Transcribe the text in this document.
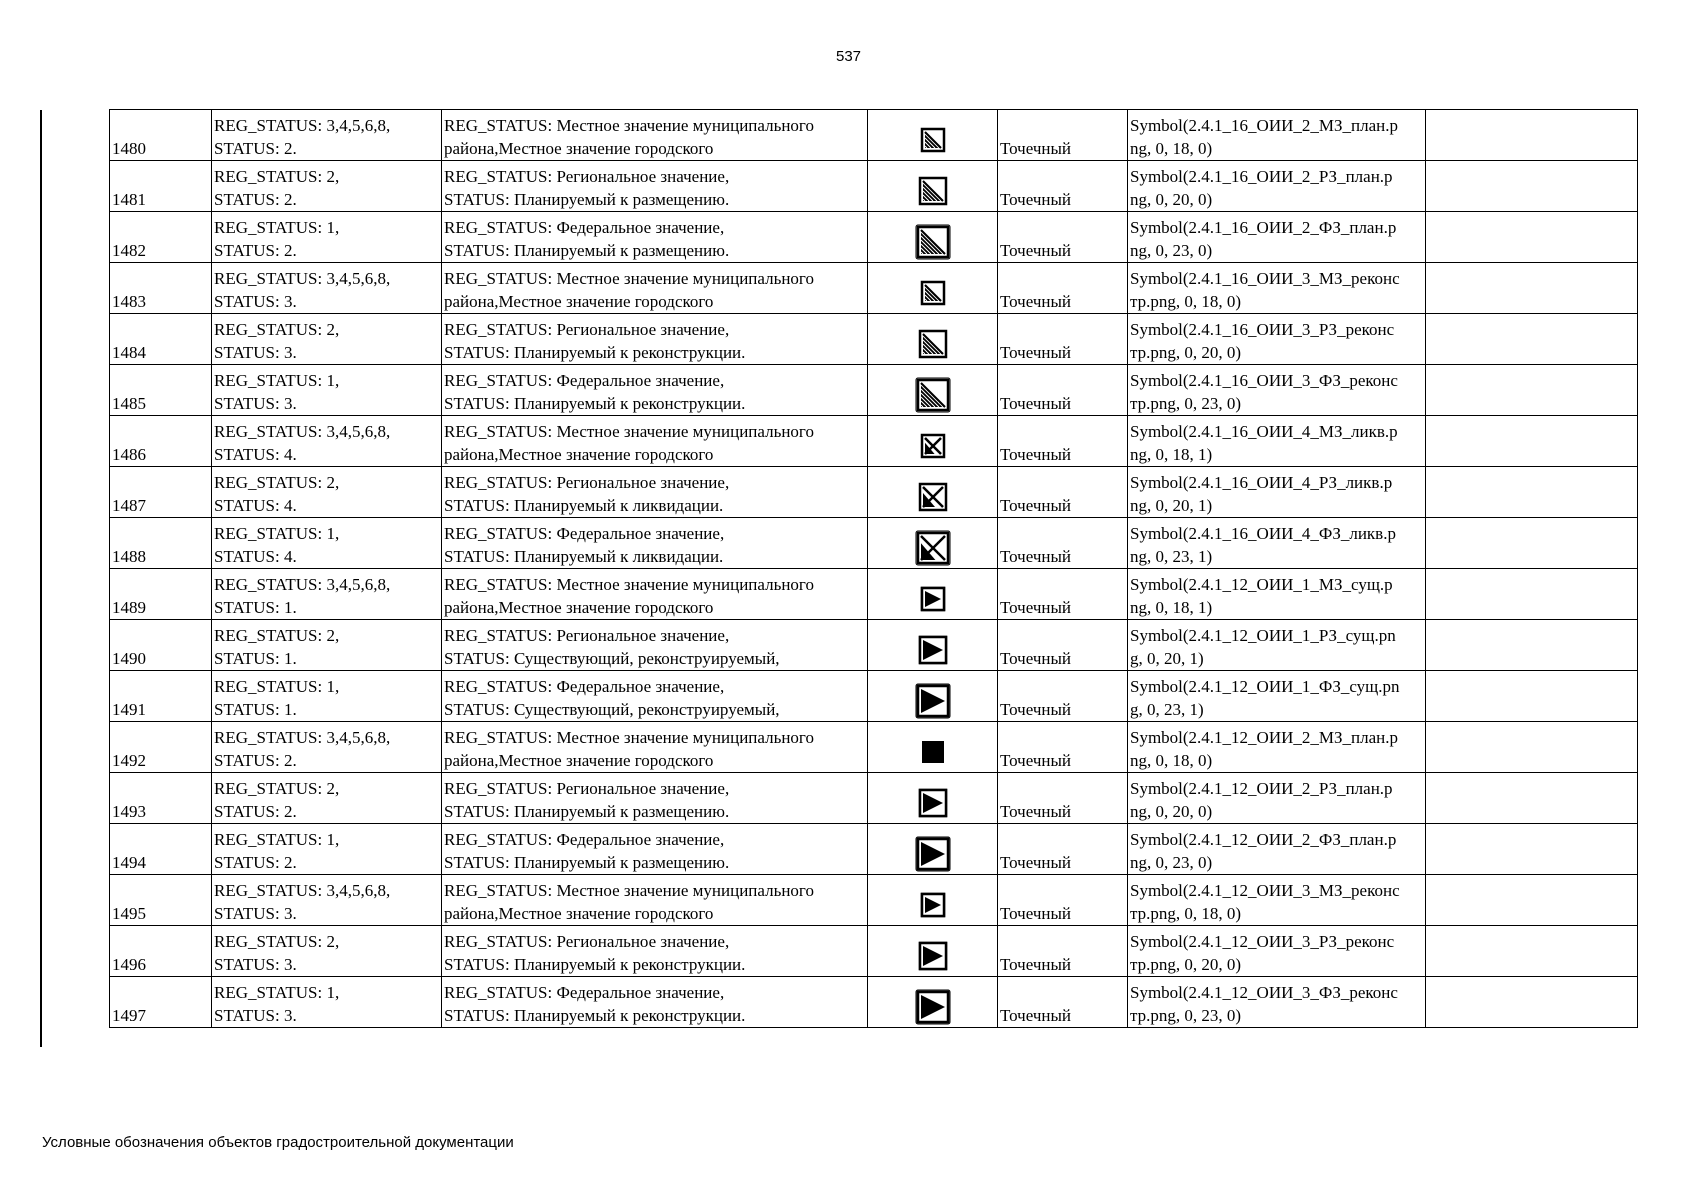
537
1480	REG_STATUS: 3,4,5,6,8,
STATUS: 2.	REG_STATUS: Местное значение муниципального
района,Местное значение городского		Точечный	Symbol(2.4.1_16_ОИИ_2_МЗ_план.p
ng, 0, 18, 0)	

1481	REG_STATUS: 2,
STATUS: 2.	REG_STATUS: Региональное значение,
STATUS: Планируемый к размещению.		Точечный	Symbol(2.4.1_16_ОИИ_2_РЗ_план.p
ng, 0, 20, 0)	

1482	REG_STATUS: 1,
STATUS: 2.	REG_STATUS: Федеральное значение,
STATUS: Планируемый к размещению.		Точечный	Symbol(2.4.1_16_ОИИ_2_ФЗ_план.p
ng, 0, 23, 0)	

1483	REG_STATUS: 3,4,5,6,8,
STATUS: 3.	REG_STATUS: Местное значение муниципального
района,Местное значение городского		Точечный	Symbol(2.4.1_16_ОИИ_3_МЗ_реконс
тр.png, 0, 18, 0)	

1484	REG_STATUS: 2,
STATUS: 3.	REG_STATUS: Региональное значение,
STATUS: Планируемый к реконструкции.		Точечный	Symbol(2.4.1_16_ОИИ_3_РЗ_реконс
тр.png, 0, 20, 0)	

1485	REG_STATUS: 1,
STATUS: 3.	REG_STATUS: Федеральное значение,
STATUS: Планируемый к реконструкции.		Точечный	Symbol(2.4.1_16_ОИИ_3_ФЗ_реконс
тр.png, 0, 23, 0)	

1486	REG_STATUS: 3,4,5,6,8,
STATUS: 4.	REG_STATUS: Местное значение муниципального
района,Местное значение городского		Точечный	Symbol(2.4.1_16_ОИИ_4_МЗ_ликв.p
ng, 0, 18, 1)	

1487	REG_STATUS: 2,
STATUS: 4.	REG_STATUS: Региональное значение,
STATUS: Планируемый к ликвидации.		Точечный	Symbol(2.4.1_16_ОИИ_4_РЗ_ликв.p
ng, 0, 20, 1)	

1488	REG_STATUS: 1,
STATUS: 4.	REG_STATUS: Федеральное значение,
STATUS: Планируемый к ликвидации.		Точечный	Symbol(2.4.1_16_ОИИ_4_ФЗ_ликв.p
ng, 0, 23, 1)	

1489	REG_STATUS: 3,4,5,6,8,
STATUS: 1.	REG_STATUS: Местное значение муниципального
района,Местное значение городского		Точечный	Symbol(2.4.1_12_ОИИ_1_МЗ_сущ.p
ng, 0, 18, 1)	

1490	REG_STATUS: 2,
STATUS: 1.	REG_STATUS: Региональное значение,
STATUS: Существующий, реконструируемый,		Точечный	Symbol(2.4.1_12_ОИИ_1_РЗ_сущ.pn
g, 0, 20, 1)	

1491	REG_STATUS: 1,
STATUS: 1.	REG_STATUS: Федеральное значение,
STATUS: Существующий, реконструируемый,		Точечный	Symbol(2.4.1_12_ОИИ_1_ФЗ_сущ.pn
g, 0, 23, 1)	

1492	REG_STATUS: 3,4,5,6,8,
STATUS: 2.	REG_STATUS: Местное значение муниципального
района,Местное значение городского		Точечный	Symbol(2.4.1_12_ОИИ_2_МЗ_план.p
ng, 0, 18, 0)	

1493	REG_STATUS: 2,
STATUS: 2.	REG_STATUS: Региональное значение,
STATUS: Планируемый к размещению.		Точечный	Symbol(2.4.1_12_ОИИ_2_РЗ_план.p
ng, 0, 20, 0)	

1494	REG_STATUS: 1,
STATUS: 2.	REG_STATUS: Федеральное значение,
STATUS: Планируемый к размещению.		Точечный	Symbol(2.4.1_12_ОИИ_2_ФЗ_план.p
ng, 0, 23, 0)	

1495	REG_STATUS: 3,4,5,6,8,
STATUS: 3.	REG_STATUS: Местное значение муниципального
района,Местное значение городского		Точечный	Symbol(2.4.1_12_ОИИ_3_МЗ_реконс
тр.png, 0, 18, 0)	

1496	REG_STATUS: 2,
STATUS: 3.	REG_STATUS: Региональное значение,
STATUS: Планируемый к реконструкции.		Точечный	Symbol(2.4.1_12_ОИИ_3_РЗ_реконс
тр.png, 0, 20, 0)	

1497	REG_STATUS: 1,
STATUS: 3.	REG_STATUS: Федеральное значение,
STATUS: Планируемый к реконструкции.		Точечный	Symbol(2.4.1_12_ОИИ_3_ФЗ_реконс
тр.png, 0, 23, 0)	

Условные обозначения объектов градостроительной документации
